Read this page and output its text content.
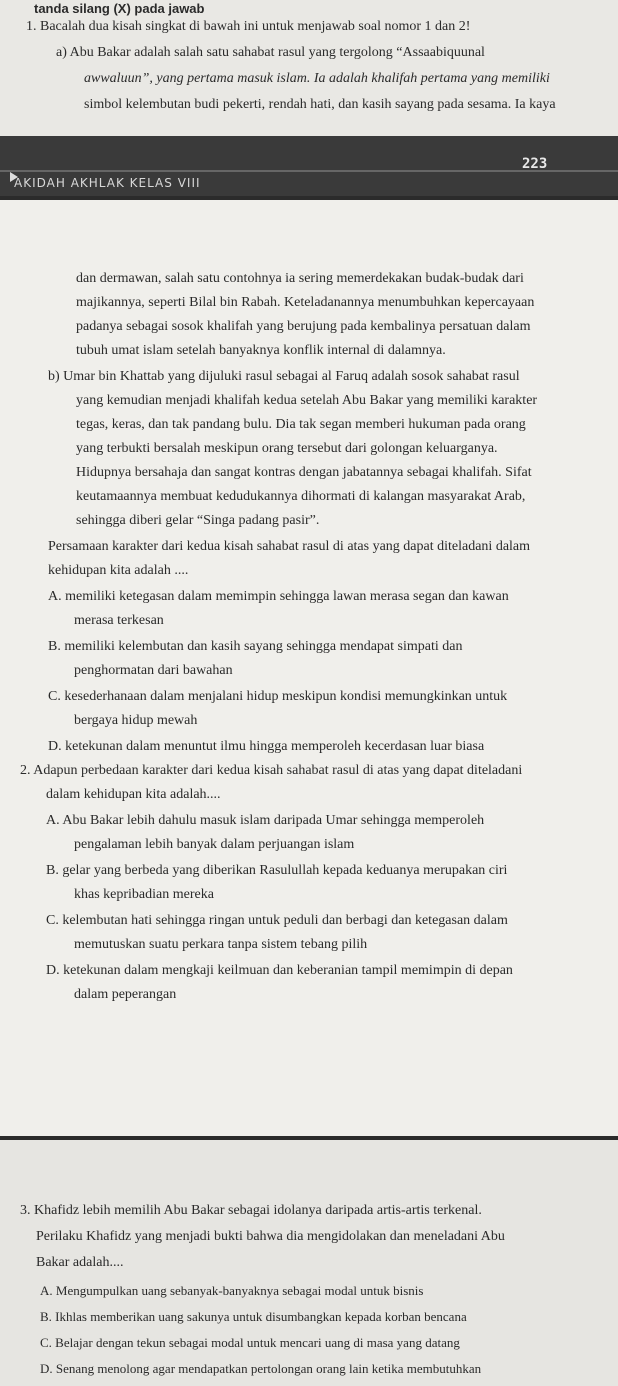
tanda silang (X) pada jawab
1. Bacalah dua kisah singkat di bawah ini untuk menjawab soal nomor 1 dan 2!
a) Abu Bakar adalah salah satu sahabat rasul yang tergolong “Assaabiquunal
awwaluun”, yang pertama masuk islam. Ia adalah khalifah pertama yang memiliki
simbol kelembutan budi pekerti, rendah hati, dan kasih sayang pada sesama. Ia kaya
223
AKIDAH AKHLAK KELAS VIII
dan dermawan, salah satu contohnya ia sering memerdekakan budak-budak dari
majikannya, seperti Bilal bin Rabah. Keteladanannya menumbuhkan kepercayaan
padanya sebagai sosok khalifah yang berujung pada kembalinya persatuan dalam
tubuh umat islam setelah banyaknya konflik internal di dalamnya.
b) Umar bin Khattab yang dijuluki rasul sebagai al Faruq adalah sosok sahabat rasul
yang kemudian menjadi khalifah kedua setelah Abu Bakar yang memiliki karakter
tegas, keras, dan tak pandang bulu. Dia tak segan memberi hukuman pada orang
yang terbukti bersalah meskipun orang tersebut dari golongan keluarganya.
Hidupnya bersahaja dan sangat kontras dengan jabatannya sebagai khalifah. Sifat
keutamaannya membuat kedudukannya dihormati di kalangan masyarakat Arab,
sehingga diberi gelar “Singa padang pasir”.
Persamaan karakter dari kedua kisah sahabat rasul di atas yang dapat diteladani dalam
kehidupan kita adalah ....
A. memiliki ketegasan dalam memimpin sehingga lawan merasa segan dan kawan
merasa terkesan
B. memiliki kelembutan dan kasih sayang sehingga mendapat simpati dan
penghormatan dari bawahan
C. kesederhanaan dalam menjalani hidup meskipun kondisi memungkinkan untuk
bergaya hidup mewah
D. ketekunan dalam menuntut ilmu hingga memperoleh kecerdasan luar biasa
2. Adapun perbedaan karakter dari kedua kisah sahabat rasul di atas yang dapat diteladani
dalam kehidupan kita adalah....
A. Abu Bakar lebih dahulu masuk islam daripada Umar sehingga memperoleh
pengalaman lebih banyak dalam perjuangan islam
B. gelar yang berbeda yang diberikan Rasulullah kepada keduanya merupakan ciri
khas kepribadian mereka
C. kelembutan hati sehingga ringan untuk peduli dan berbagi dan ketegasan dalam
memutuskan suatu perkara tanpa sistem tebang pilih
D. ketekunan dalam mengkaji keilmuan dan keberanian tampil memimpin di depan
dalam peperangan
3. Khafidz lebih memilih Abu Bakar sebagai idolanya daripada artis-artis terkenal.
Perilaku Khafidz yang menjadi bukti bahwa dia mengidolakan dan meneladani Abu
Bakar adalah....
A. Mengumpulkan uang sebanyak-banyaknya sebagai modal untuk bisnis
B. Ikhlas memberikan uang sakunya untuk disumbangkan kepada korban bencana
C. Belajar dengan tekun sebagai modal untuk mencari uang di masa yang datang
D. Senang menolong agar mendapatkan pertolongan orang lain ketika membutuhkan
